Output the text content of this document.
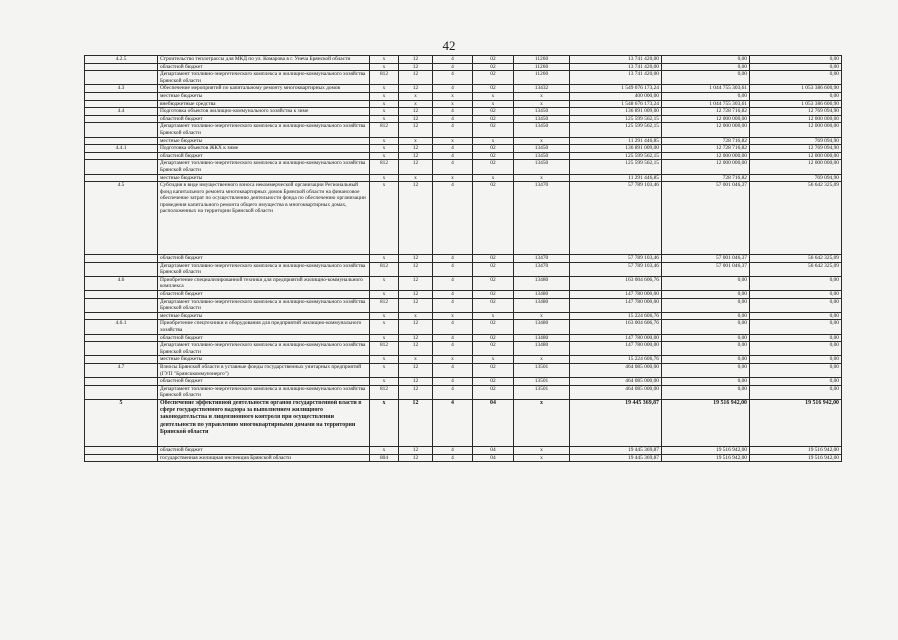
42
4.2.5	Строительство теплотрассы для МКД по ул. Комарова в г. Унеча Брянской области	x	12	4	02	11260	13 741 420,00	0,00	0,00
	областной бюджет	x	12	4	02	11260	13 741 420,00	0,00	0,00
	Департамент топливно-энергетического комплекса и жилищно-коммунального хозяйства Брянской области	812	12	4	02	11260	13 741 420,00	0,00	0,00
4.3	Обеспечение мероприятий по капитальному ремонту многоквартирных домов	x	12	4	02	13432	1 549 076 173,24	1 044 755 303,61	1 053 386 600,90
	местные бюджеты	x	x	x	x	x	400 000,00	0,00	0,00
	внебюджетные средства	x	x	x	x	x	1 548 676 173,24	1 044 755 303,61	1 053 386 600,90
4.4	Подготовка объектов жилищно-коммунального хозяйства к зиме	x	12	4	02	13450	136 891 009,00	12 728 716,82	12 769 094,90
	областной бюджет	x	12	4	02	13450	125 599 562,15	12 000 000,00	12 000 000,00
	Департамент топливно-энергетического комплекса и жилищно-коммунального хозяйства Брянской области	812	12	4	02	13450	125 599 562,15	12 000 000,00	12 000 000,00
	местные бюджеты	x	x	x	x	x	11 291 446,85	728 716,82	769 094,90
4.4.1	Подготовка объектов ЖКХ к зиме	x	12	4	02	13450	136 891 009,00	12 728 716,82	12 769 094,90
	областной бюджет	x	12	4	02	13450	125 599 562,15	12 000 000,00	12 000 000,00
	Департамент топливно-энергетического комплекса и жилищно-коммунального хозяйства Брянской области	812	12	4	02	13450	125 599 562,15	12 000 000,00	12 000 000,00
	местные бюджеты	x	x	x	x	x	11 291 446,85	728 716,82	769 094,90
4.5	Субсидия в виде имущественного взноса некоммерческой организации Региональный фонд капитального ремонта многоквартирных домов Брянской области на финансовое обеспечение затрат по осуществлению деятельности фонда по обеспечению организации проведения капитального ремонта общего имущества в многоквартирных домах, расположенных на территории Брянской области	x	12	4	02	13470	57 789 103,46	57 001 046,37	56 642 325,09
	областной бюджет	x	12	4	02	13470	57 789 103,46	57 001 046,37	56 642 325,09
	Департамент топливно-энергетического комплекса и жилищно-коммунального хозяйства Брянской области	812	12	4	02	13470	57 789 103,46	57 001 046,37	56 642 325,09
4.6	Приобретение специализированной техники для предприятий жилищно-коммунального комплекса	x	12	4	02	13480	163 004 606,76	0,00	0,00
	областной бюджет	x	12	4	02	13480	147 780 000,00	0,00	0,00
	Департамент топливно-энергетического комплекса и жилищно-коммунального хозяйства Брянской области	812	12	4	02	13480	147 780 000,00	0,00	0,00
	местные бюджеты	x	x	x	x	x	15 224 606,76	0,00	0,00
4.6.1	Приобретение спецтехники и оборудования для предприятий жилищно-коммунального хозяйства	x	12	4	02	13480	163 004 606,76	0,00	0,00
	областной бюджет	x	12	4	02	13480	147 780 000,00	0,00	0,00
	Департамент топливно-энергетического комплекса и жилищно-коммунального хозяйства Брянской области	812	12	4	02	13480	147 780 000,00	0,00	0,00
	местные бюджеты	x	x	x	x	x	15 224 606,76	0,00	0,00
4.7	Взносы Брянской области в уставные фонды государственных унитарных предприятий (ГУП "Брянсккоммунэнерго")	x	12	4	02	13501	464 085 000,00	0,00	0,00
	областной бюджет	x	12	4	02	13501	464 085 000,00	0,00	0,00
	Департамент топливно-энергетического комплекса и жилищно-коммунального хозяйства Брянской области	812	12	4	02	13501	464 085 000,00	0,00	0,00
5	Обеспечение эффективной деятельности органов государственной власти в сфере государственного надзора за выполнением жилищного законодательства и лицензионного контроля при осуществлении деятельности по управлению многоквартирными домами на территории Брянской области	x	12	4	04	x	19 445 369,87	19 516 942,00	19 516 942,00
	областной бюджет	x	12	4	04	x	19 445 369,87	19 516 942,00	19 516 942,00
	государственная жилищная инспекция Брянской области	804	12	4	04	x	19 445 369,87	19 516 942,00	19 516 942,00
